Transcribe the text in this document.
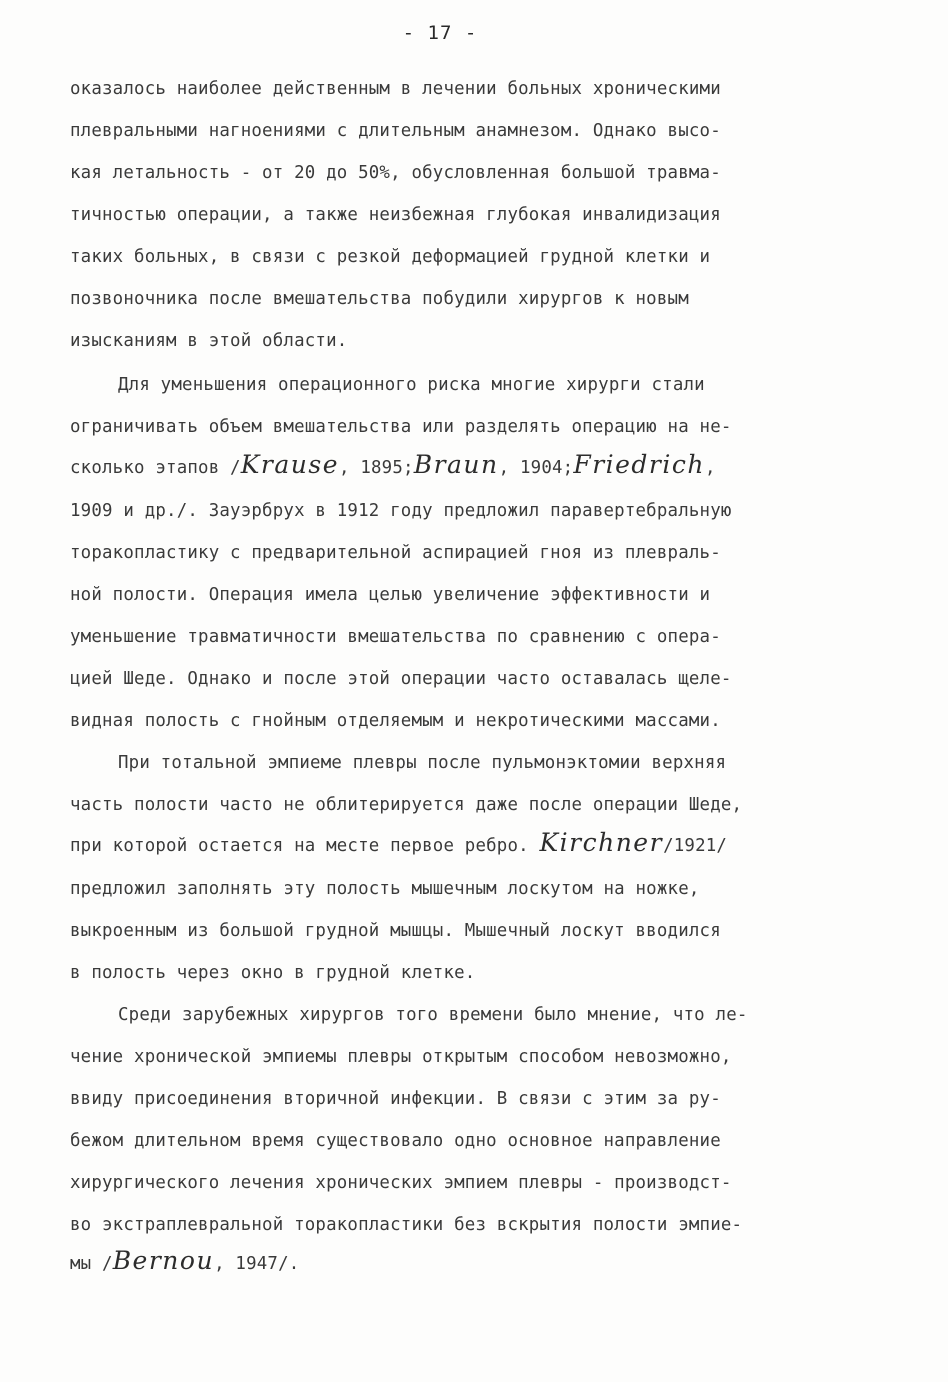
- 17 -
оказалось наиболее действенным в лечении больных хроническими
плевральными нагноениями с длительным анамнезом. Однако высо-
кая летальность - от 20 до 50%, обусловленная большой травма-
тичностью операции, а также неизбежная глубокая инвалидизация
таких больных, в связи с резкой деформацией грудной клетки и
позвоночника после вмешательства побудили хирургов к новым
изысканиям в этой области.
Для уменьшения операционного риска многие хирурги стали
ограничивать объем вмешательства или разделять операцию на не-
сколько этапов /Krause, 1895;Braun, 1904;Friedrich,
1909 и др./. Зауэрбрух в 1912 году предложил паравертебральную
торакопластику с предварительной аспирацией гноя из плевраль-
ной полости. Операция имела целью увеличение эффективности и
уменьшение травматичности вмешательства по сравнению с опера-
цией Шеде. Однако и после этой операции часто оставалась щеле-
видная полость с гнойным отделяемым и некротическими массами.
При тотальной эмпиеме плевры после пульмонэктомии верхняя
часть полости часто не облитерируется даже после операции Шеде,
при которой остается на месте первое ребро. Kirchner/1921/
предложил заполнять эту полость мышечным лоскутом на ножке,
выкроенным из большой грудной мышцы. Мышечный лоскут вводился
в полость через окно в грудной клетке.
Среди зарубежных хирургов того времени было мнение, что ле-
чение хронической эмпиемы плевры открытым способом невозможно,
ввиду присоединения вторичной инфекции. В связи с этим за ру-
бежом длительном время существовало одно основное направление
хирургического лечения хронических эмпием плевры - производст-
во экстраплевральной торакопластики без вскрытия полости эмпие-
мы /Bernou, 1947/.
